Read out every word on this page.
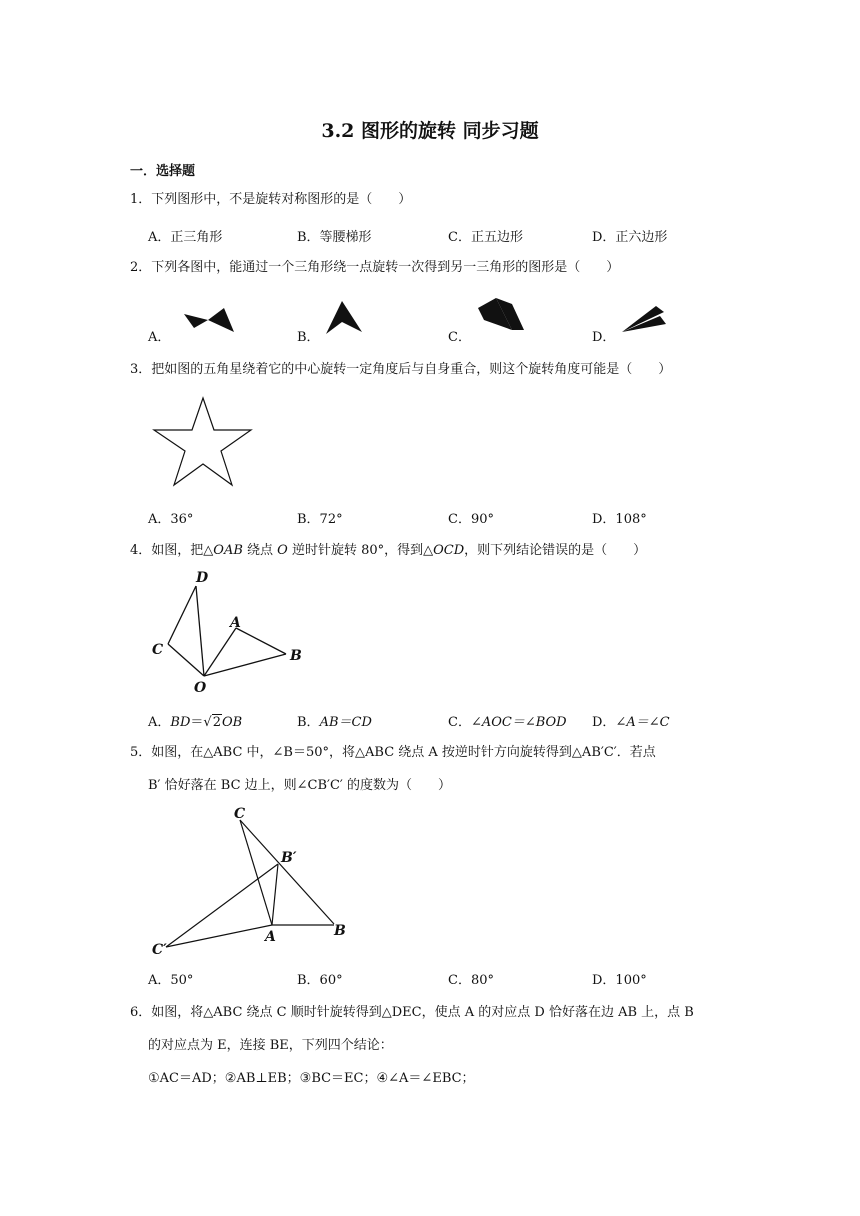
3.2 图形的旋转 同步习题
一．选择题
1．下列图形中，不是旋转对称图形的是（　　）
A．正三角形	B．等腰梯形	C．正五边形	D．正六边形
2．下列各图中，能通过一个三角形绕一点旋转一次得到另一三角形的图形是（　　）
A．	B．	C．	D．
3．把如图的五角星绕着它的中心旋转一定角度后与自身重合，则这个旋转角度可能是（　　）
A．36°	B．72°	C．90°	D．108°
4．如图，把△OAB 绕点 O 逆时针旋转 80°，得到△OCD，则下列结论错误的是（　　）
D
A
C	B
O
A．BD＝√2OB	B．AB＝CD	C．∠AOC＝∠BOD D．∠A＝∠C
5．如图，在△ABC 中，∠B＝50°，将△ABC 绕点 A 按逆时针方向旋转得到△AB′C′．若点
B′ 恰好落在 BC 边上，则∠CB′C′ 的度数为（　　）
C
B′
C′
A	B
A．50°	B．60°	C．80°	D．100°
6．如图，将△ABC 绕点 C 顺时针旋转得到△DEC，使点 A 的对应点 D 恰好落在边 AB 上，点 B
的对应点为 E，连接 BE，下列四个结论：
①AC＝AD；②AB⊥EB；③BC＝EC；④∠A＝∠EBC；
